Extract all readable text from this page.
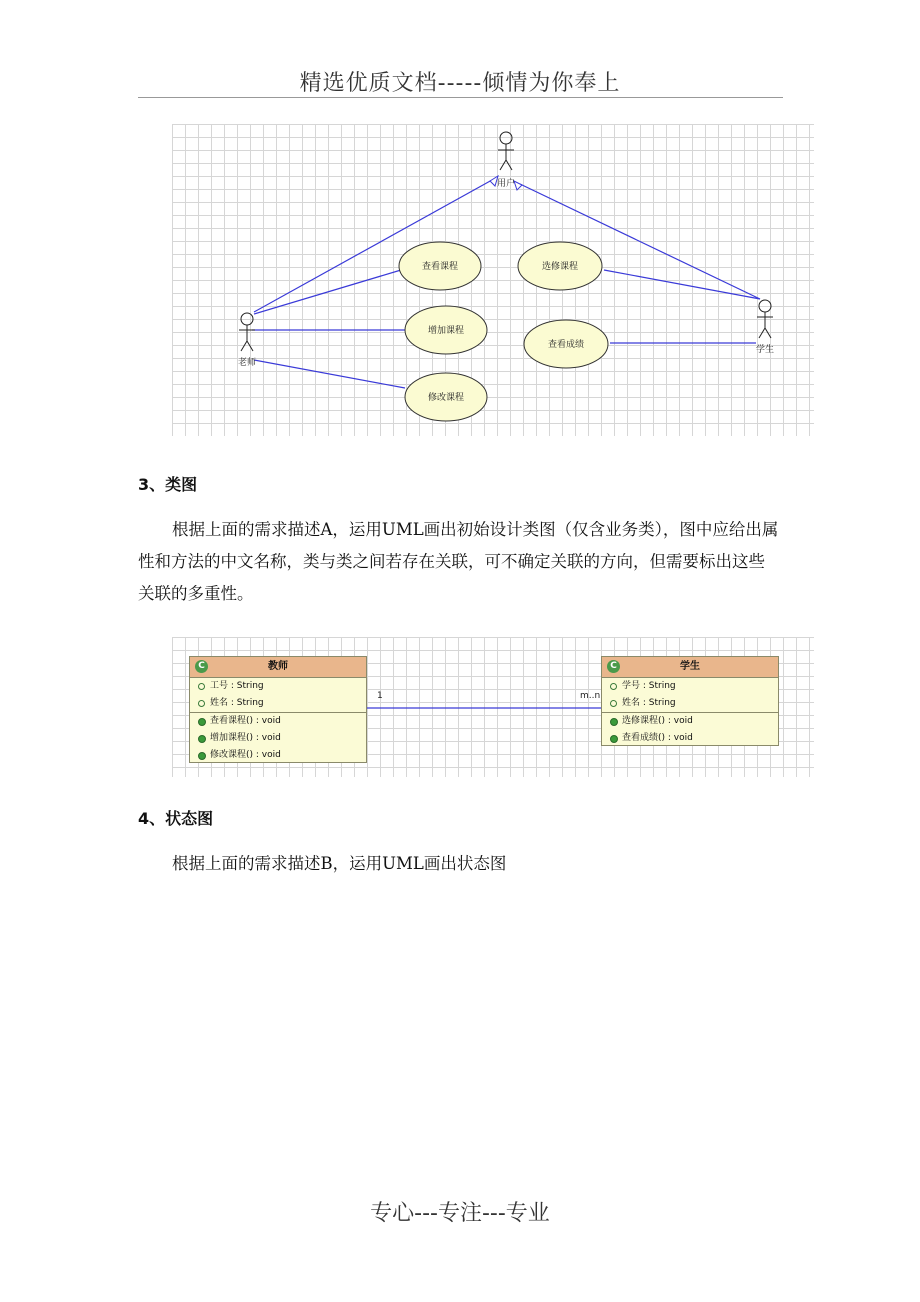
精选优质文档-----倾情为你奉上
用户
老师
学生
查看课程	选修课程
增加课程
查看成绩
修改课程
3、类图
根据上面的需求描述A，运用UML画出初始设计类图（仅含业务类），图中应给出属性和方法的中文名称，类与类之间若存在关联，可不确定关联的方向，但需要标出这些关联的多重性。
1	m..n
C	教师
工号 : String
姓名 : String
查看课程() : void
增加课程() : void
修改课程() : void
C	学生
学号 : String
姓名 : String
选修课程() : void
查看成绩() : void
4、状态图
根据上面的需求描述B，运用UML画出状态图
专心---专注---专业
